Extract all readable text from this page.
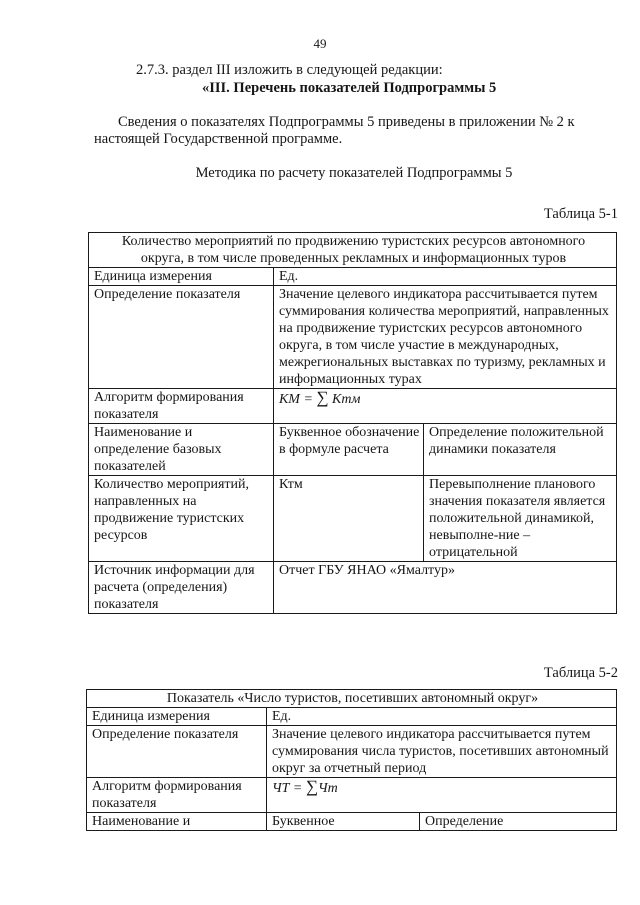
49
2.7.3. раздел III изложить в следующей редакции:
«III. Перечень показателей Подпрограммы 5
Сведения о показателях Подпрограммы 5 приведены в приложении № 2 к
настоящей Государственной программе.
Методика по расчету показателей Подпрограммы 5
Таблица 5-1
Количество мероприятий по продвижению туристских ресурсов автономного
округа, в том числе проведенных рекламных и информационных туров		
Единица измерения	Ед.	
Определение показателя	Значение целевого индикатора рассчитывается путем суммирования количества мероприятий, направленных на продвижение туристских ресурсов автономного округа, в том числе участие в международных, межрегиональных выставках по туризму, рекламных и информационных турах	
Алгоритм формирования показателя	КМ = ∑ Ктм	
Наименование и определение базовых показателей	Буквенное обозначение в формуле расчета	Определение положительной динамики показателя
Количество мероприятий, направленных на продвижение туристских ресурсов	Ктм	Перевыполнение планового значения показателя является положительной динамикой, невыполне-ние – отрицательной
Источник информации для расчета (определения) показателя	Отчет ГБУ ЯНАО «Ямалтур»	
Таблица 5-2
Показатель «Число туристов, посетивших автономный округ»		
Единица измерения	Ед.	
Определение показателя	Значение целевого индикатора рассчитывается путем суммирования числа туристов, посетивших автономный округ за отчетный период	
Алгоритм формирования показателя	ЧТ = ∑Чт	
Наименование и	Буквенное	Определение
